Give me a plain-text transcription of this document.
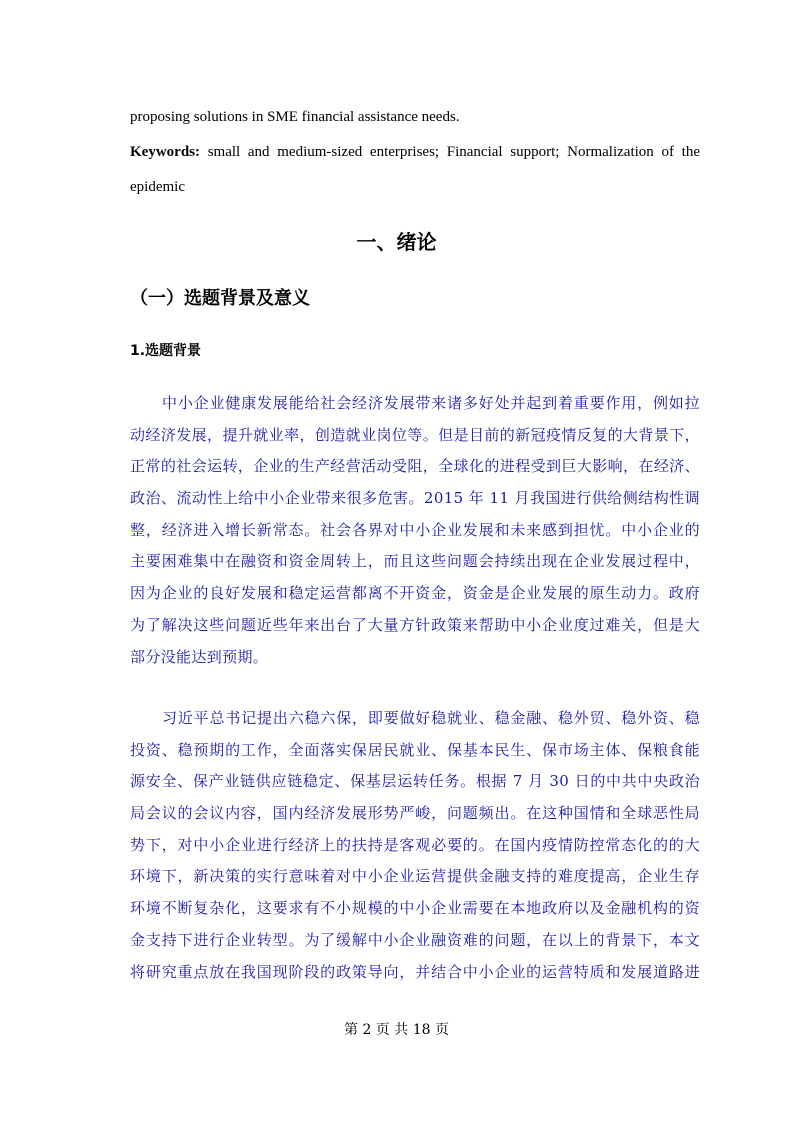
proposing solutions in SME financial assistance needs.

Keywords: small and medium-sized enterprises; Financial support; Normalization of the

epidemic

一、绪论
（一）选题背景及意义
1.选题背景
中小企业健康发展能给社会经济发展带来诸多好处并起到着重要作用，例如拉
动经济发展，提升就业率，创造就业岗位等。但是目前的新冠疫情反复的大背景下，
正常的社会运转，企业的生产经营活动受阻，全球化的进程受到巨大影响，在经济、
政治、流动性上给中小企业带来很多危害。2015 年 11 月我国进行供给侧结构性调
整，经济进入增长新常态。社会各界对中小企业发展和未来感到担忧。中小企业的
主要困难集中在融资和资金周转上，而且这些问题会持续出现在企业发展过程中，
因为企业的良好发展和稳定运营都离不开资金，资金是企业发展的原生动力。政府
为了解决这些问题近些年来出台了大量方针政策来帮助中小企业度过难关，但是大
部分没能达到预期。
习近平总书记提出六稳六保，即要做好稳就业、稳金融、稳外贸、稳外资、稳
投资、稳预期的工作，全面落实保居民就业、保基本民生、保市场主体、保粮食能
源安全、保产业链供应链稳定、保基层运转任务。根据 7 月 30 日的中共中央政治
局会议的会议内容，国内经济发展形势严峻，问题频出。在这种国情和全球恶性局
势下，对中小企业进行经济上的扶持是客观必要的。在国内疫情防控常态化的的大
环境下，新决策的实行意味着对中小企业运营提供金融支持的难度提高，企业生存
环境不断复杂化，这要求有不小规模的中小企业需要在本地政府以及金融机构的资
金支持下进行企业转型。为了缓解中小企业融资难的问题，在以上的背景下，本文
将研究重点放在我国现阶段的政策导向，并结合中小企业的运营特质和发展道路进

第 2 页 共 18 页
